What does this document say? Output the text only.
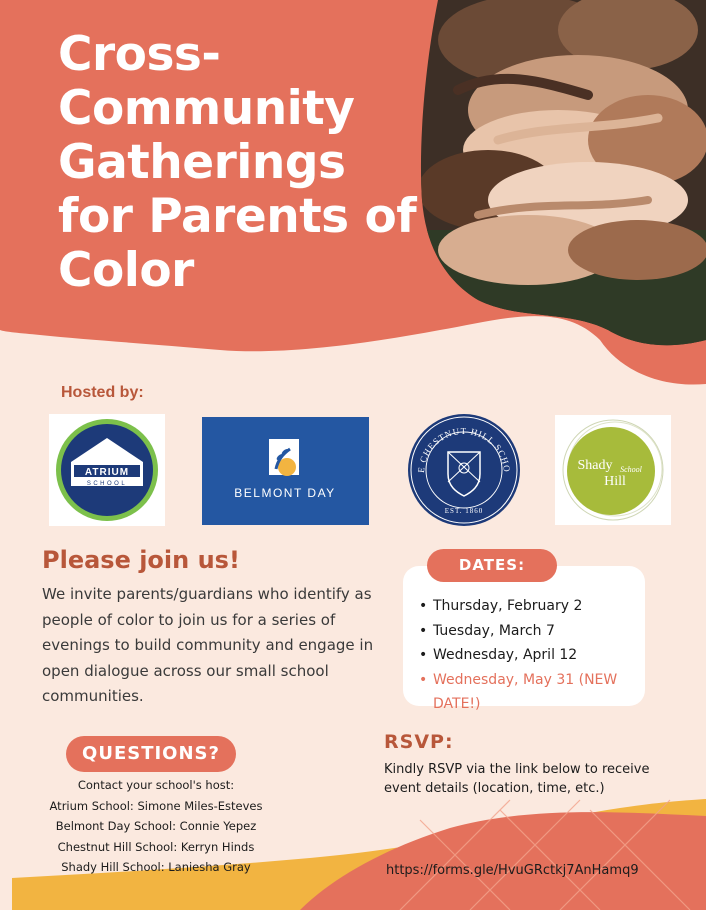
Cross-Community Gatherings for Parents of Color

Hosted by:

ATRIUM
SCHOOL
BELMONT DAY
E CHESTNUT HILL SCHO
EST. 1860
Shady School
Hill
Please join us!

We invite parents/guardians who identify as people of color to join us for a series of evenings to build community and engage in open dialogue across our small school communities.

DATES:
• Thursday, February 2
• Tuesday, March 7
• Wednesday, April 12
• Wednesday, May 31 (NEW DATE!)
RSVP:

Kindly RSVP via the link below to receive event details (location, time, etc.)

https://forms.gle/HvuGRctkj7AnHamq9

QUESTIONS?
Contact your school's host:
Atrium School: Simone Miles-Esteves
Belmont Day School: Connie Yepez
Chestnut Hill School: Kerryn Hinds
Shady Hill School: Laniesha Gray
